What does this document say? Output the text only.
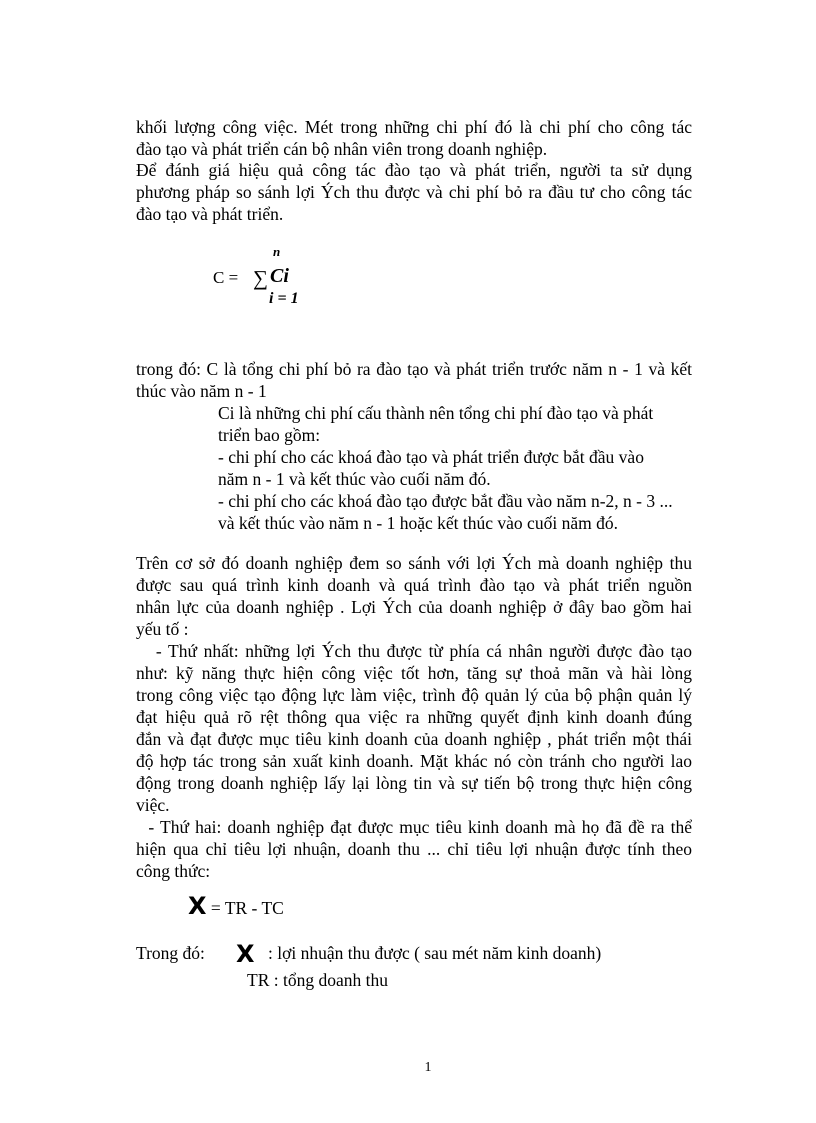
khối lượng công việc. Mét trong những chi phí đó là chi phí cho công tác
đào tạo và phát triển cán bộ nhân viên trong doanh nghiệp.
Để đánh giá hiệu quả công tác đào tạo và phát triển, người ta sử dụng
phương pháp so sánh lợi Ých thu được và chi phí bỏ ra đầu tư cho công tác
đào tạo và phát triển.
C = ∑ Ci
n
i = 1
trong đó: C là tổng chi phí bỏ ra đào tạo và phát triển trước năm n - 1 và kết
thúc vào năm n - 1
Ci là những chi phí cấu thành nên tổng chi phí đào tạo và phát
triển bao gồm:
- chi phí cho các khoá đào tạo và phát triển được bắt đầu vào
năm n - 1 và kết thúc vào cuối năm đó.
- chi phí cho các khoá đào tạo được bắt đầu vào năm n-2, n - 3 ...
và kết thúc vào năm n - 1 hoặc kết thúc vào cuối năm đó.
Trên cơ sở đó doanh nghiệp đem so sánh với lợi Ých mà doanh nghiệp thu
được sau quá trình kinh doanh và quá trình đào tạo và phát triển nguồn
nhân lực của doanh nghiệp . Lợi Ých của doanh nghiệp ở đây bao gồm hai
yếu tố :
- Thứ nhất: những lợi Ých thu được từ phía cá nhân người được đào tạo
như: kỹ năng thực hiện công việc tốt hơn, tăng sự thoả mãn và hài lòng
trong công việc tạo động lực làm việc, trình độ quản lý của bộ phận quản lý
đạt hiệu quả rõ rệt thông qua việc ra những quyết định kinh doanh đúng
đắn và đạt được mục tiêu kinh doanh của doanh nghiệp , phát triển một thái
độ hợp tác trong sản xuất kinh doanh. Mặt khác nó còn tránh cho người lao
động trong doanh nghiệp lấy lại lòng tin và sự tiến bộ trong thực hiện công
việc.
- Thứ hai: doanh nghiệp đạt được mục tiêu kinh doanh mà họ đã đề ra thể
hiện qua chỉ tiêu lợi nhuận, doanh thu ... chỉ tiêu lợi nhuận được tính theo
công thức:
X = TR - TC
Trong đó: X : lợi nhuận thu được ( sau mét năm kinh doanh)
TR : tổng doanh thu
1
